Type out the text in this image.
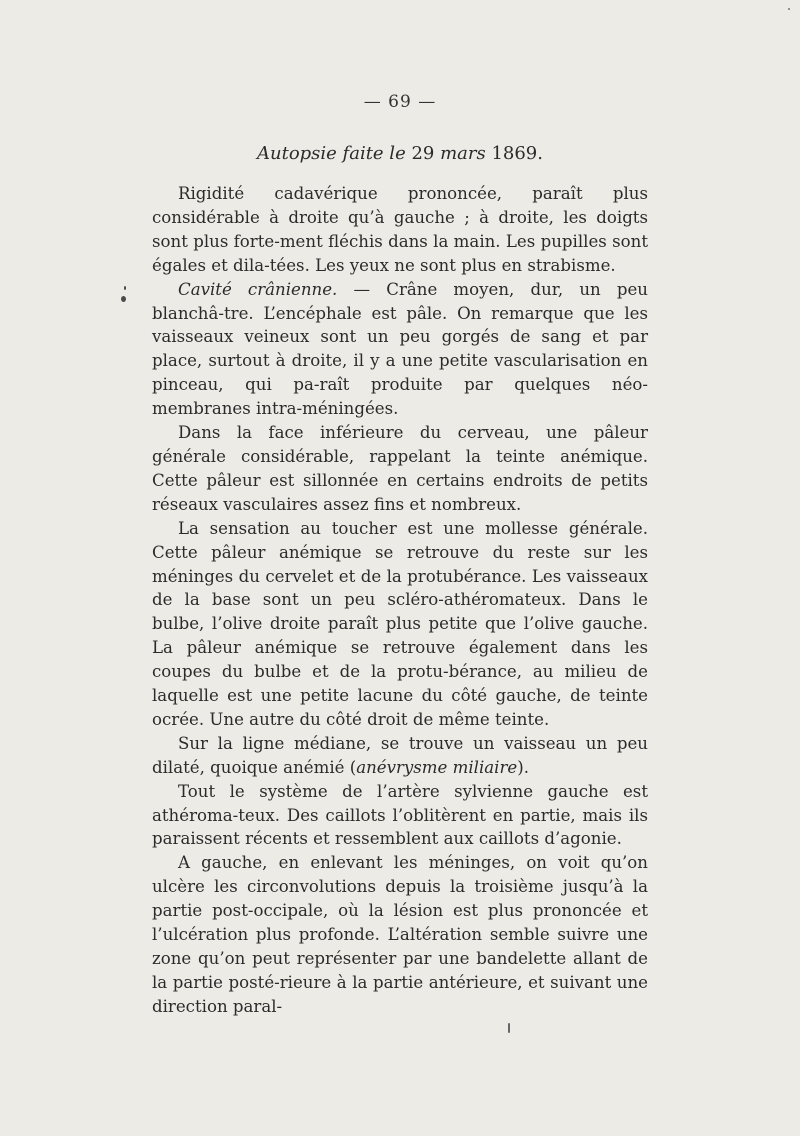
— 69 —
Autopsie faite le 29 mars 1869.

Rigidité cadavérique prononcée, paraît plus considérable à droite qu’à gauche ; à droite, les doigts sont plus forte-ment fléchis dans la main. Les pupilles sont égales et dila-tées. Les yeux ne sont plus en strabisme.

Cavité crânienne. — Crâne moyen, dur, un peu blanchâ-tre. L’encéphale est pâle. On remarque que les vaisseaux veineux sont un peu gorgés de sang et par place, surtout à droite, il y a une petite vascularisation en pinceau, qui pa-raît produite par quelques néo-membranes intra-méningées.

Dans la face inférieure du cerveau, une pâleur générale considérable, rappelant la teinte anémique. Cette pâleur est sillonnée en certains endroits de petits réseaux vasculaires assez fins et nombreux.

La sensation au toucher est une mollesse générale. Cette pâleur anémique se retrouve du reste sur les méninges du cervelet et de la protubérance. Les vaisseaux de la base sont un peu scléro-athéromateux. Dans le bulbe, l’olive droite paraît plus petite que l’olive gauche. La pâleur anémique se retrouve également dans les coupes du bulbe et de la protu-bérance, au milieu de laquelle est une petite lacune du côté gauche, de teinte ocrée. Une autre du côté droit de même teinte.

Sur la ligne médiane, se trouve un vaisseau un peu dilaté, quoique anémié (anévrysme miliaire).

Tout le système de l’artère sylvienne gauche est athéroma-teux. Des caillots l’oblitèrent en partie, mais ils paraissent récents et ressemblent aux caillots d’agonie.

A gauche, en enlevant les méninges, on voit qu’on ulcère les circonvolutions depuis la troisième jusqu’à la partie post-occipale, où la lésion est plus prononcée et l’ulcération plus profonde. L’altération semble suivre une zone qu’on peut représenter par une bandelette allant de la partie posté-rieure à la partie antérieure, et suivant une direction paral-
